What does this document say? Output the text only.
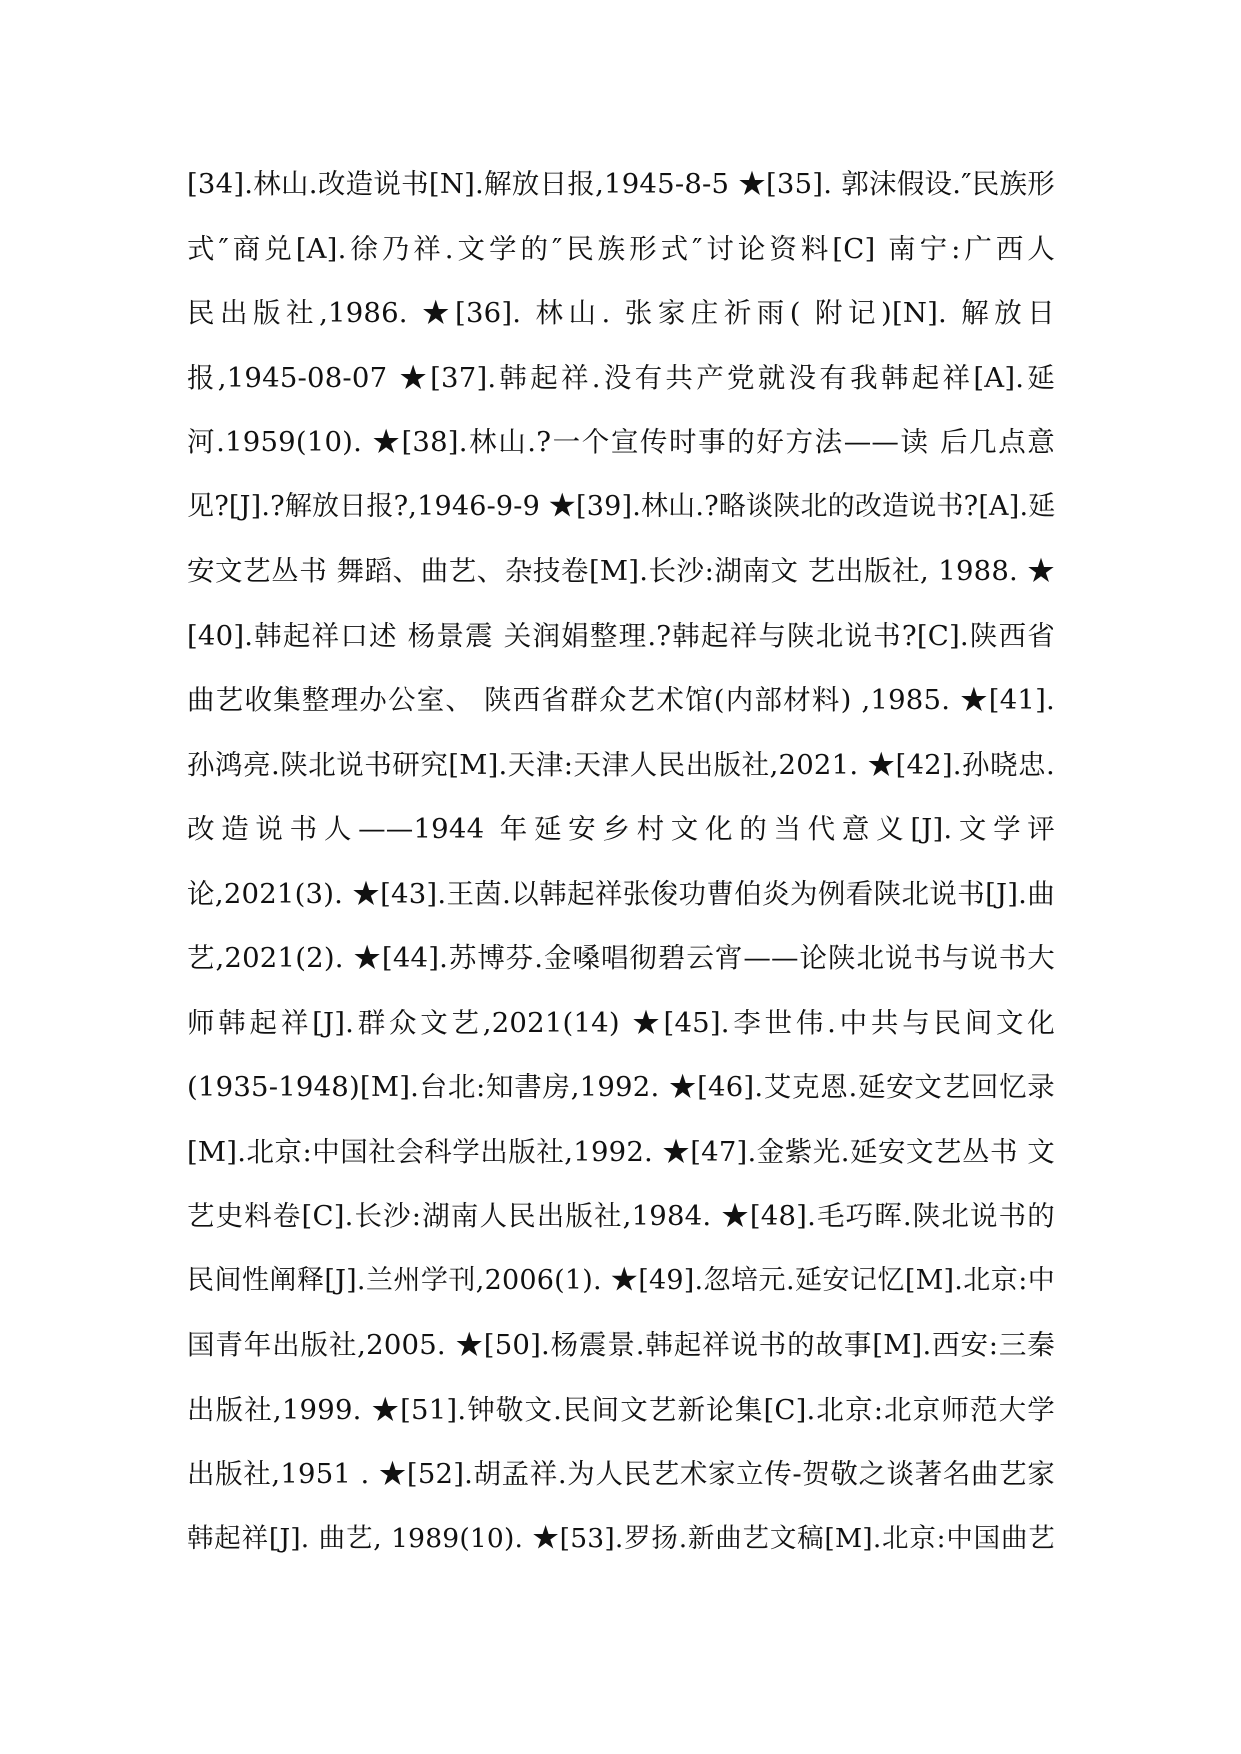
[34].林山.改造说书[N].解放日报,1945-8-5 ★[35]. 郭沫假设.″民族形
式″商兑[A].徐乃祥.文学的″民族形式″讨论资料[C] 南宁:广西人
民出版社,1986. ★[36]. 林山. 张家庄祈雨( 附记)[N]. 解放日
报,1945-08-07 ★[37].韩起祥.没有共产党就没有我韩起祥[A].延
河.1959(10). ★[38].林山.?一个宣传时事的好方法——读 后几点意
见?[J].?解放日报?,1946-9-9 ★[39].林山.?略谈陕北的改造说书?[A].延
安文艺丛书 舞蹈、曲艺、杂技卷[M].长沙:湖南文 艺出版社, 1988. ★
[40].韩起祥口述 杨景震 关润娟整理.?韩起祥与陕北说书?[C].陕西省
曲艺收集整理办公室、 陕西省群众艺术馆(内部材料) ,1985. ★[41].
孙鸿亮.陕北说书研究[M].天津:天津人民出版社,2021. ★[42].孙晓忠.
改造说书人——1944 年延安乡村文化的当代意义[J].文学评
论,2021(3). ★[43].王茵.以韩起祥张俊功曹伯炎为例看陕北说书[J].曲
艺,2021(2). ★[44].苏博芬.金嗓唱彻碧云宵——论陕北说书与说书大
师韩起祥[J].群众文艺,2021(14) ★[45].李世伟.中共与民间文化
(1935-1948)[M].台北:知書房,1992. ★[46].艾克恩.延安文艺回忆录
[M].北京:中国社会科学出版社,1992. ★[47].金紫光.延安文艺丛书 文
艺史料卷[C].长沙:湖南人民出版社,1984. ★[48].毛巧晖.陕北说书的
民间性阐释[J].兰州学刊,2006(1). ★[49].忽培元.延安记忆[M].北京:中
国青年出版社,2005. ★[50].杨震景.韩起祥说书的故事[M].西安:三秦
出版社,1999. ★[51].钟敬文.民间文艺新论集[C].北京:北京师范大学
出版社,1951 . ★[52].胡孟祥.为人民艺术家立传-贺敬之谈著名曲艺家
韩起祥[J]. 曲艺, 1989(10). ★[53].罗扬.新曲艺文稿[M].北京:中国曲艺
